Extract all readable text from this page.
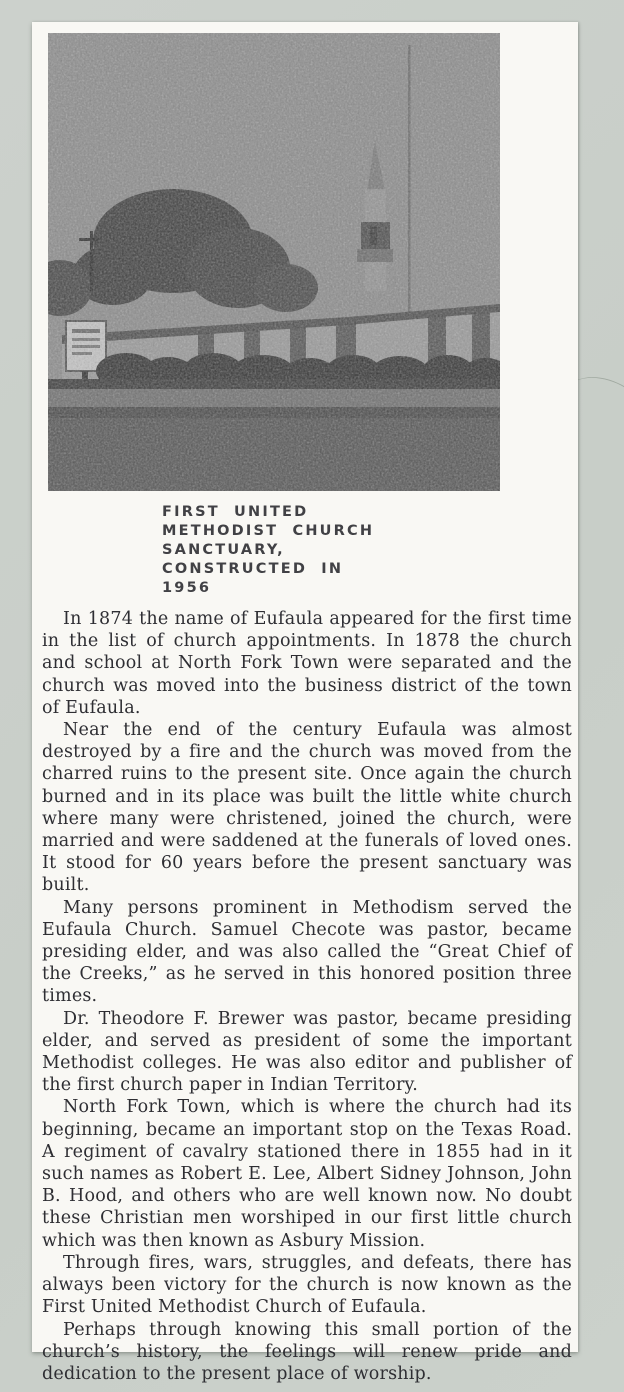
FIRST UNITED
METHODIST CHURCH
SANCTUARY,
CONSTRUCTED IN
1956

In 1874 the name of Eufaula appeared for the first time in the list of church appointments. In 1878 the church and school at North Fork Town were separated and the church was moved into the business district of the town of Eufaula.

Near the end of the century Eufaula was almost destroyed by a fire and the church was moved from the charred ruins to the present site. Once again the church burned and in its place was built the little white church where many were christened, joined the church, were married and were saddened at the funerals of loved ones. It stood for 60 years before the present sanctuary was built.

Many persons prominent in Methodism served the Eufaula Church. Samuel Checote was pastor, became presiding elder, and was also called the “Great Chief of the Creeks,” as he served in this honored position three times.

Dr. Theodore F. Brewer was pastor, became presiding elder, and served as president of some the important Methodist colleges. He was also editor and publisher of the first church paper in Indian Territory.

North Fork Town, which is where the church had its beginning, became an important stop on the Texas Road. A regiment of cavalry stationed there in 1855 had in it such names as Robert E. Lee, Albert Sidney Johnson, John B. Hood, and others who are well known now. No doubt these Christian men worshiped in our first little church which was then known as Asbury Mission.

Through fires, wars, struggles, and defeats, there has always been victory for the church is now known as the First United Methodist Church of Eufaula.

Perhaps through knowing this small portion of the church’s history, the feelings will renew pride and dedication to the present place of worship.
